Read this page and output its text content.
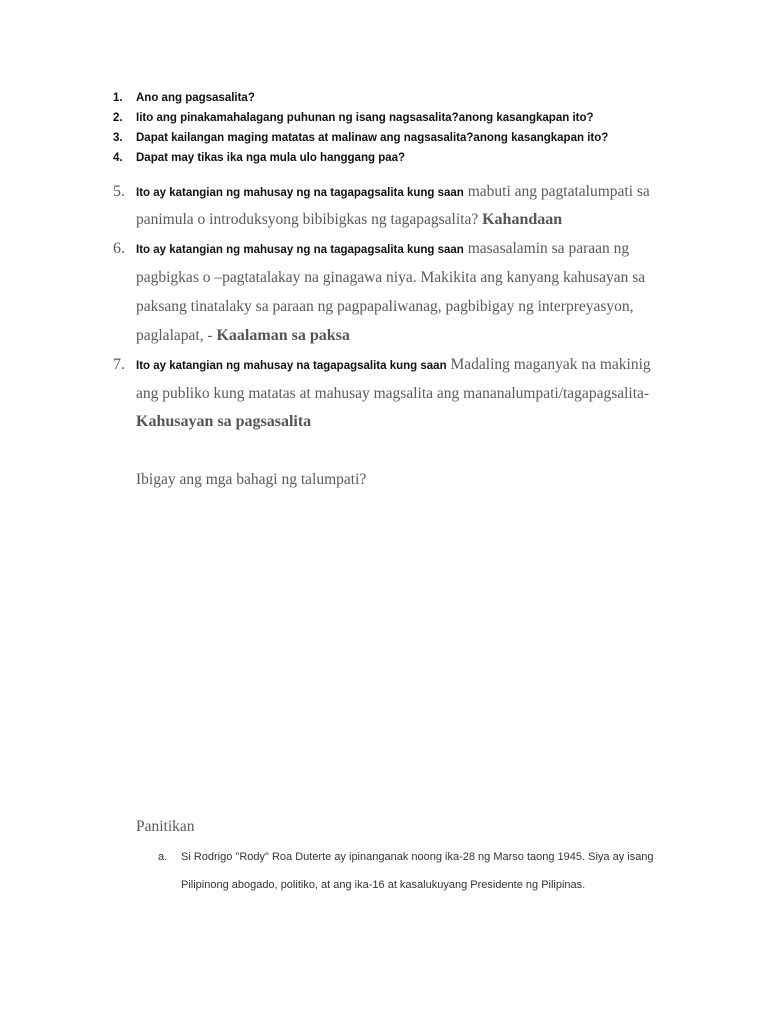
1.	Ano ang pagsasalita?
2.	Iito ang pinakamahalagang puhunan ng isang nagsasalita?anong kasangkapan ito?
3.	Dapat kailangan maging matatas at malinaw ang nagsasalita?anong kasangkapan ito?
4.	Dapat may tikas ika nga mula ulo hanggang paa?
5. Ito ay katangian ng mahusay ng na tagapagsalita kung saan mabuti ang pagtatalumpati sa
panimula o introduksyong bibibigkas ng tagapagsalita? Kahandaan
6. Ito ay katangian ng mahusay ng na tagapagsalita kung saan masasalamin sa paraan ng
pagbigkas o –pagtatalakay na ginagawa niya. Makikita ang kanyang kahusayan sa
paksang tinatalaky sa paraan ng pagpapaliwanag, pagbibigay ng interpreyasyon,
paglalapat, - Kaalaman sa paksa
7. Ito ay katangian ng mahusay na tagapagsalita kung saan Madaling maganyak na makinig
ang publiko kung matatas at mahusay magsalita ang mananalumpati/tagapagsalita-
Kahusayan sa pagsasalita
Ibigay ang mga bahagi ng talumpati?
Panitikan
a. Si Rodrigo "Rody" Roa Duterte ay ipinanganak noong ika-28 ng Marso taong 1945. Siya ay isang
Pilipinong abogado, politiko, at ang ika-16 at kasalukuyang Presidente ng Pilipinas.
